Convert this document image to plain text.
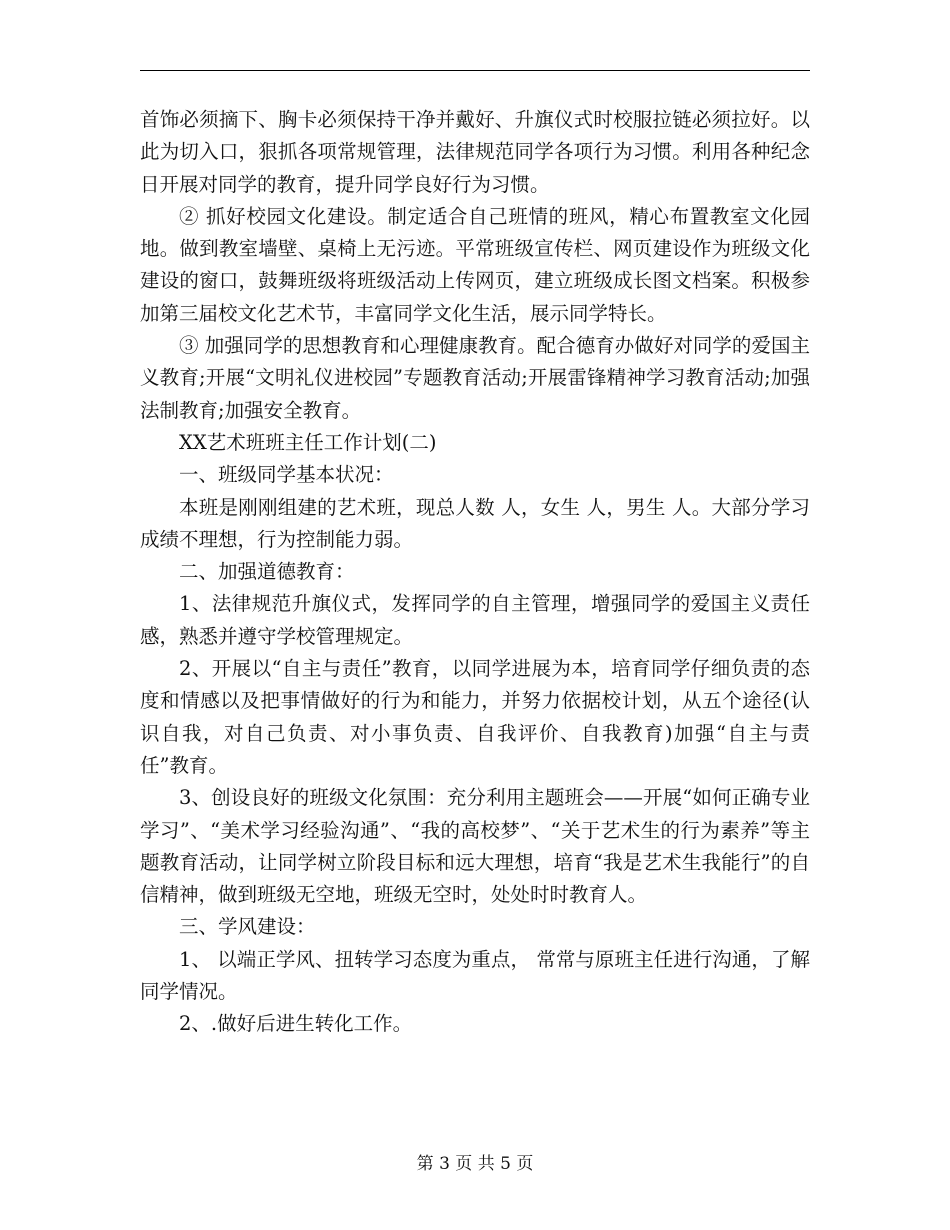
首饰必须摘下、胸卡必须保持干净并戴好、升旗仪式时校服拉链必须拉好。以此为切入口，狠抓各项常规管理，法律规范同学各项行为习惯。利用各种纪念日开展对同学的教育，提升同学良好行为习惯。

② 抓好校园文化建设。制定适合自己班情的班风，精心布置教室文化园地。做到教室墙壁、桌椅上无污迹。平常班级宣传栏、网页建设作为班级文化建设的窗口，鼓舞班级将班级活动上传网页，建立班级成长图文档案。积极参加第三届校文化艺术节，丰富同学文化生活，展示同学特长。

③ 加强同学的思想教育和心理健康教育。配合德育办做好对同学的爱国主义教育;开展“文明礼仪进校园”专题教育活动;开展雷锋精神学习教育活动;加强法制教育;加强安全教育。

XX艺术班班主任工作计划(二)

一、班级同学基本状况：

本班是刚刚组建的艺术班，现总人数 人，女生 人，男生 人。大部分学习成绩不理想，行为控制能力弱。

二、加强道德教育：

1、法律规范升旗仪式，发挥同学的自主管理，增强同学的爱国主义责任感，熟悉并遵守学校管理规定。

2、开展以“自主与责任”教育，以同学进展为本，培育同学仔细负责的态度和情感以及把事情做好的行为和能力，并努力依据校计划，从五个途径(认识自我，对自己负责、对小事负责、自我评价、自我教育)加强“自主与责任”教育。

3、创设良好的班级文化氛围：充分利用主题班会——开展“如何正确专业学习”、“美术学习经验沟通”、“我的高校梦”、“关于艺术生的行为素养”等主题教育活动，让同学树立阶段目标和远大理想，培育“我是艺术生我能行”的自信精神，做到班级无空地，班级无空时，处处时时教育人。

三、学风建设：

1、 以端正学风、扭转学习态度为重点， 常常与原班主任进行沟通，了解同学情况。

2、.做好后进生转化工作。

第 3 页 共 5 页
